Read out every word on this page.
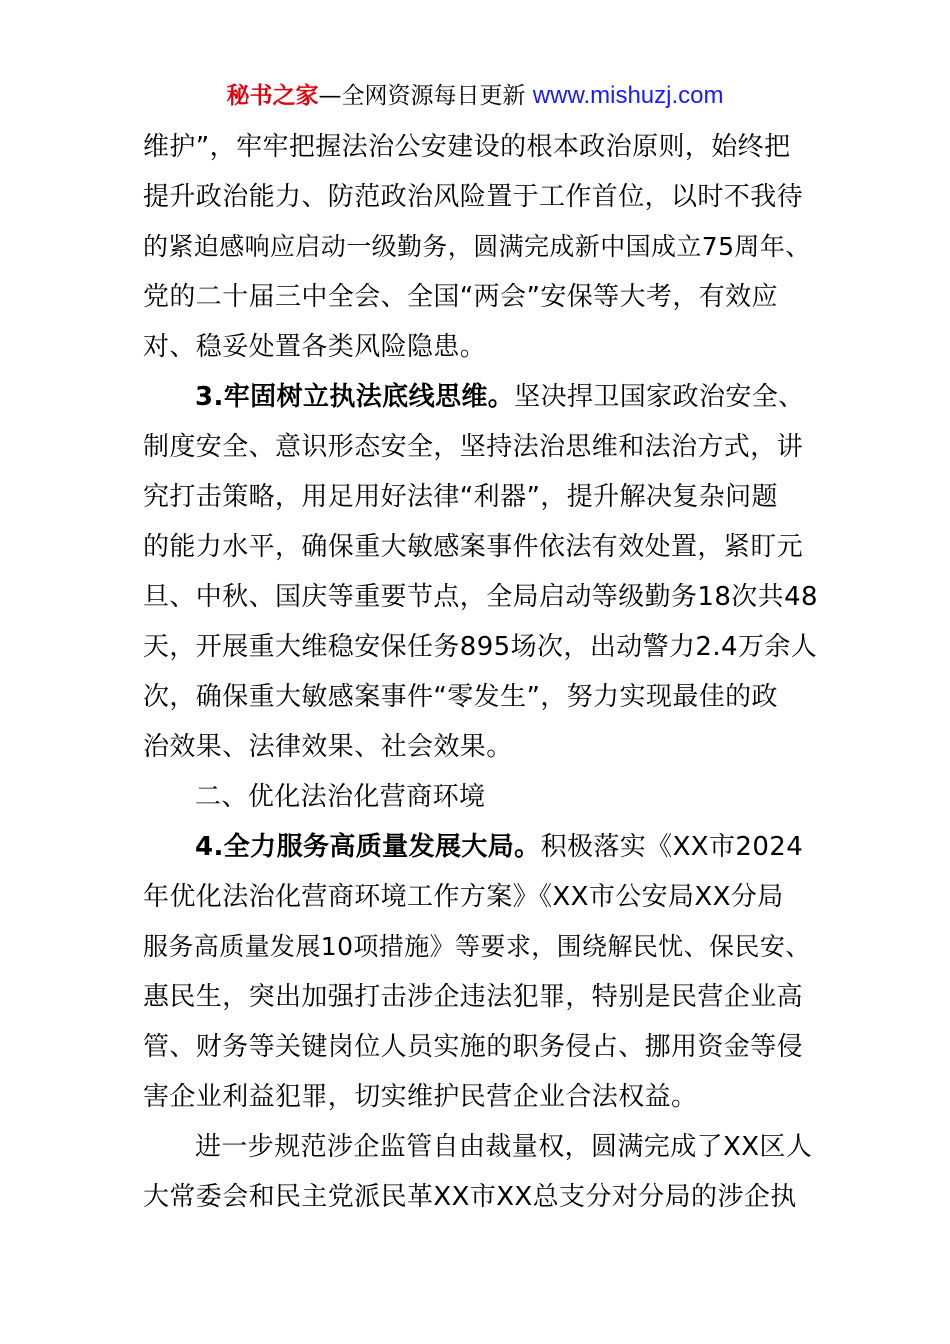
秘书之家—全网资源每日更新 www.mishuzj.com
维护”，牢牢把握法治公安建设的根本政治原则，始终把
提升政治能力、防范政治风险置于工作首位，以时不我待
的紧迫感响应启动一级勤务，圆满完成新中国成立75周年、
党的二十届三中全会、全国“两会”安保等大考，有效应
对、稳妥处置各类风险隐患。
3.牢固树立执法底线思维。坚决捍卫国家政治安全、
制度安全、意识形态安全，坚持法治思维和法治方式，讲
究打击策略，用足用好法律“利器”，提升解决复杂问题
的能力水平，确保重大敏感案事件依法有效处置，紧盯元
旦、中秋、国庆等重要节点，全局启动等级勤务18次共48
天，开展重大维稳安保任务895场次，出动警力2.4万余人
次，确保重大敏感案事件“零发生”，努力实现最佳的政
治效果、法律效果、社会效果。
二、优化法治化营商环境
4.全力服务高质量发展大局。积极落实《XX市2024
年优化法治化营商环境工作方案》《XX市公安局XX分局
服务高质量发展10项措施》等要求，围绕解民忧、保民安、
惠民生，突出加强打击涉企违法犯罪，特别是民营企业高
管、财务等关键岗位人员实施的职务侵占、挪用资金等侵
害企业利益犯罪，切实维护民营企业合法权益。
进一步规范涉企监管自由裁量权，圆满完成了XX区人
大常委会和民主党派民革XX市XX总支分对分局的涉企执
